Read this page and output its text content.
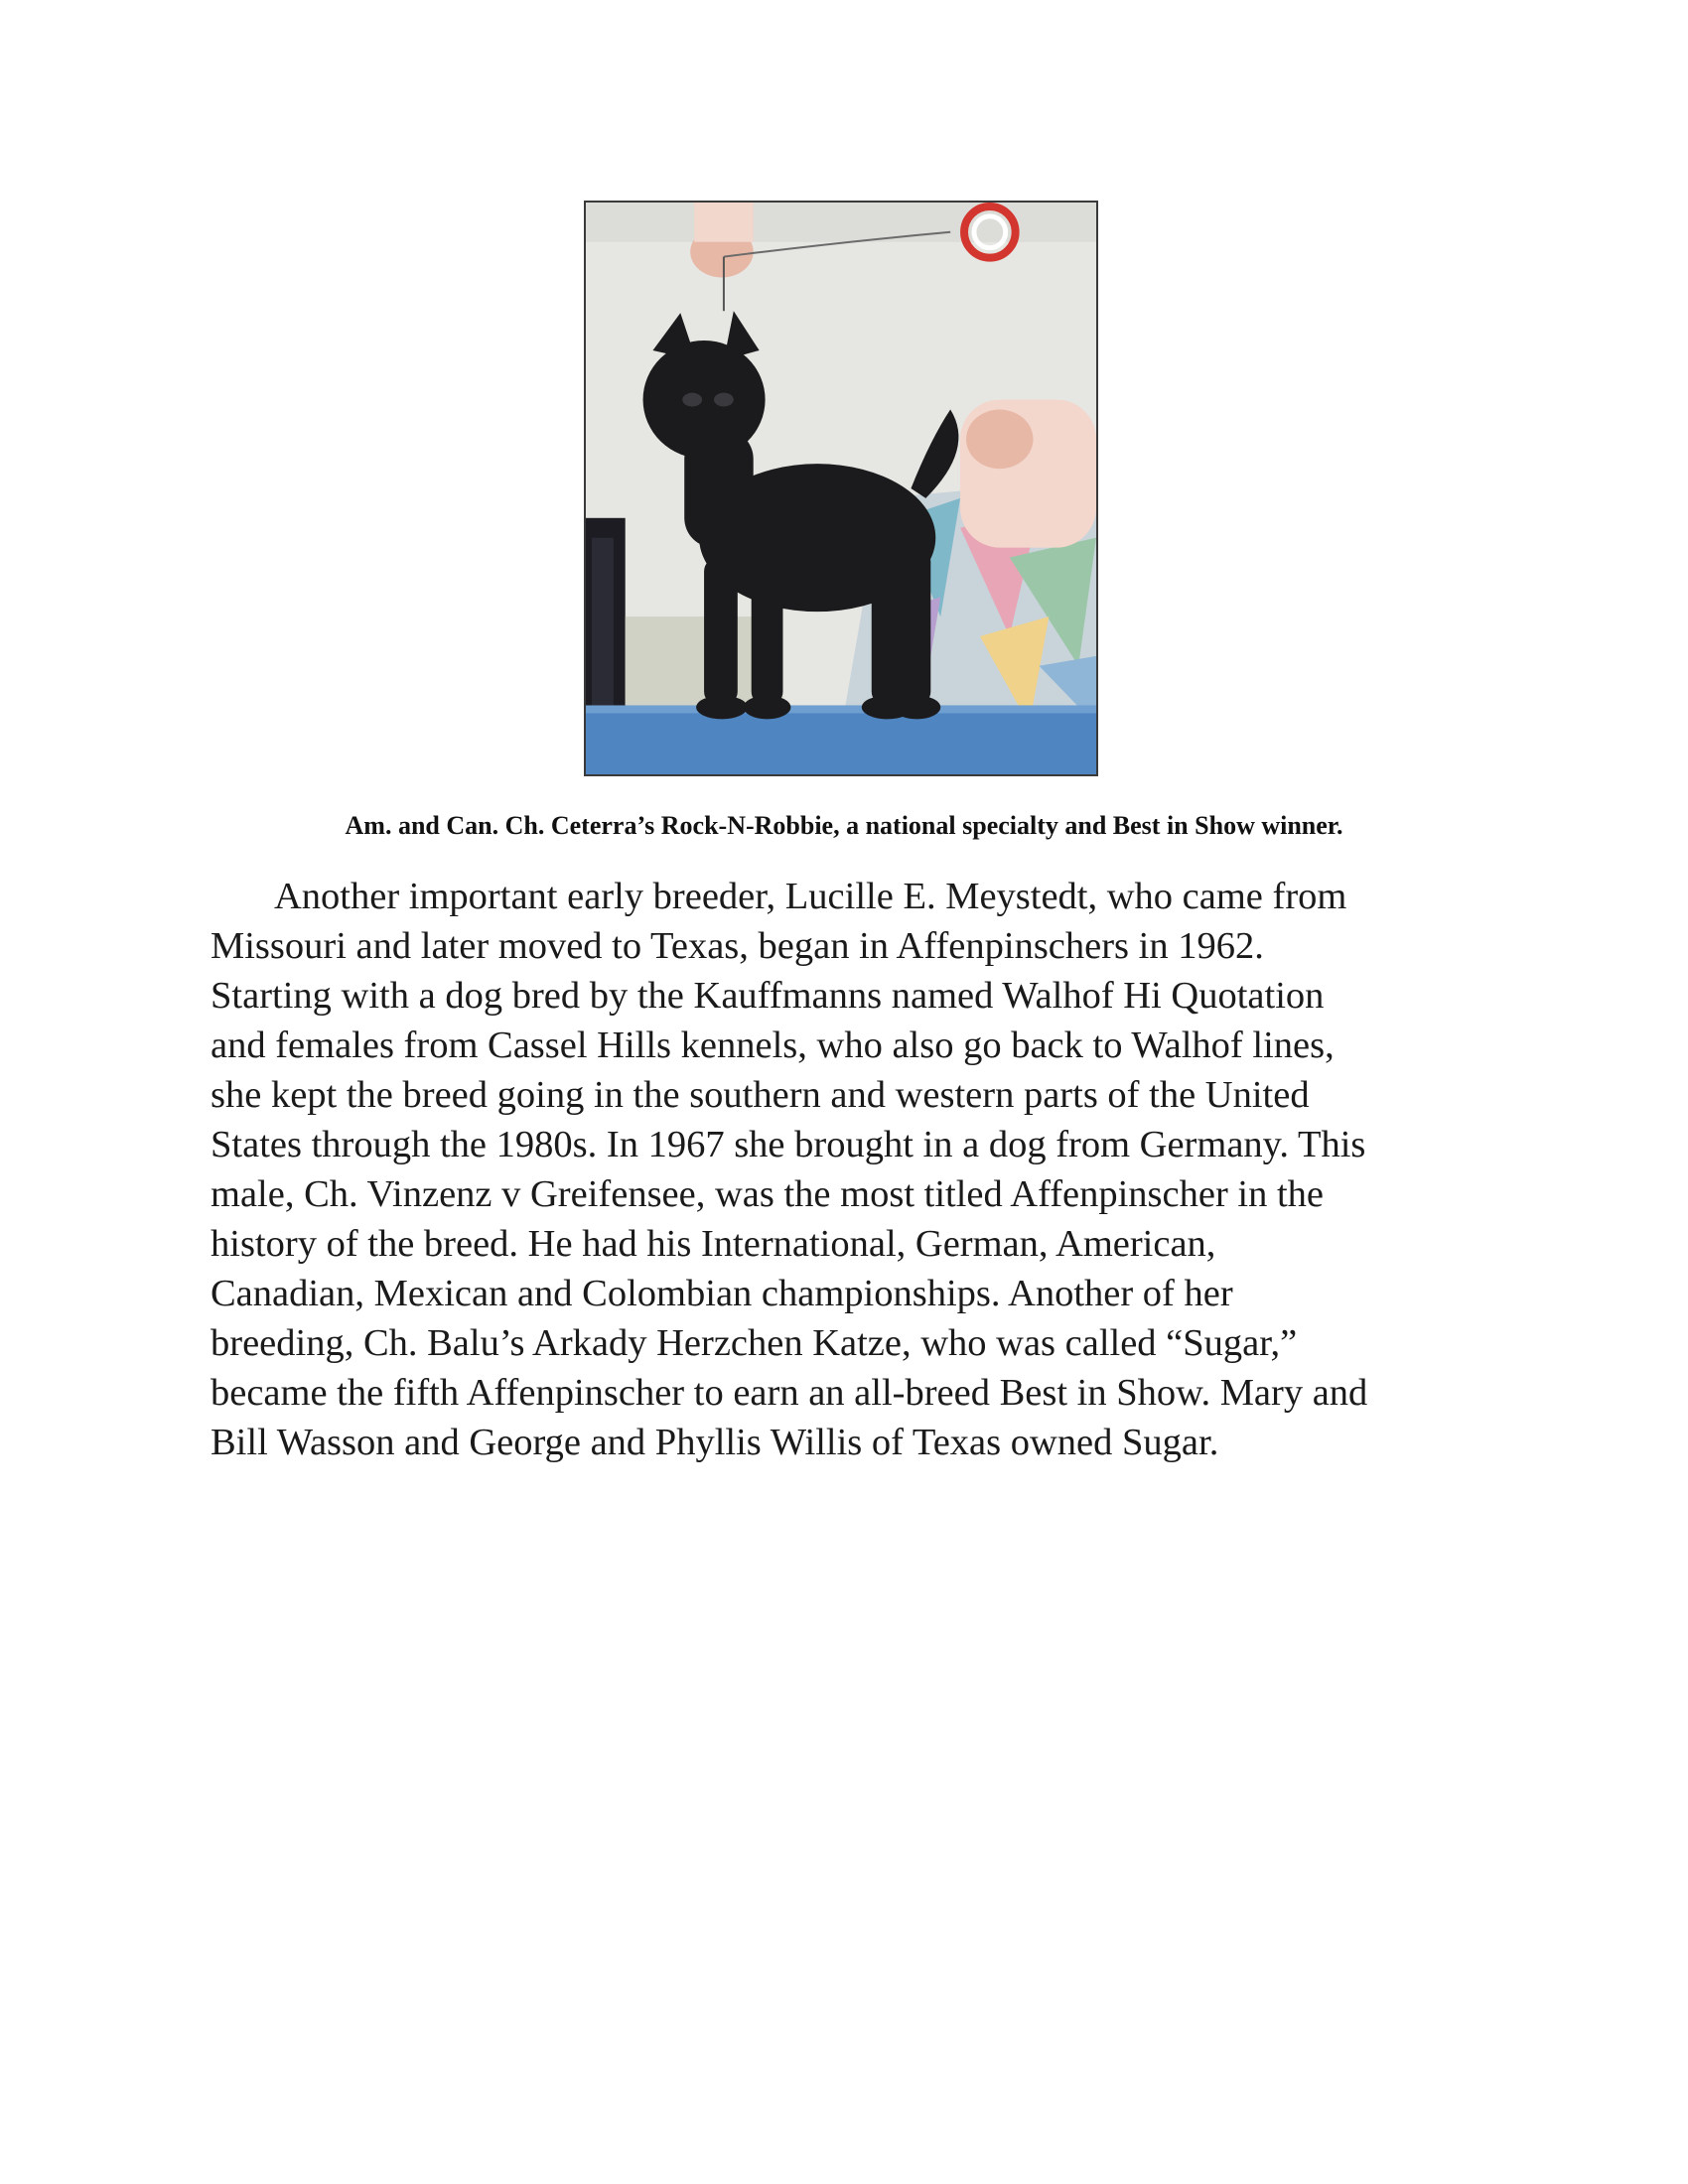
Am. and Can. Ch. Ceterra’s Rock-N-Robbie, a national specialty and Best in Show winner.

Another important early breeder, Lucille E. Meystedt, who came from
Missouri and later moved to Texas, began in Affenpinschers in 1962.
Starting with a dog bred by the Kauffmanns named Walhof Hi Quotation
and females from Cassel Hills kennels, who also go back to Walhof lines,
she kept the breed going in the southern and western parts of the United
States through the 1980s. In 1967 she brought in a dog from Germany. This
male, Ch. Vinzenz v Greifensee, was the most titled Affenpinscher in the
history of the breed. He had his International, German, American,
Canadian, Mexican and Colombian championships. Another of her
breeding, Ch. Balu’s Arkady Herzchen Katze, who was called “Sugar,”
became the fifth Affenpinscher to earn an all-breed Best in Show. Mary and
Bill Wasson and George and Phyllis Willis of Texas owned Sugar.
